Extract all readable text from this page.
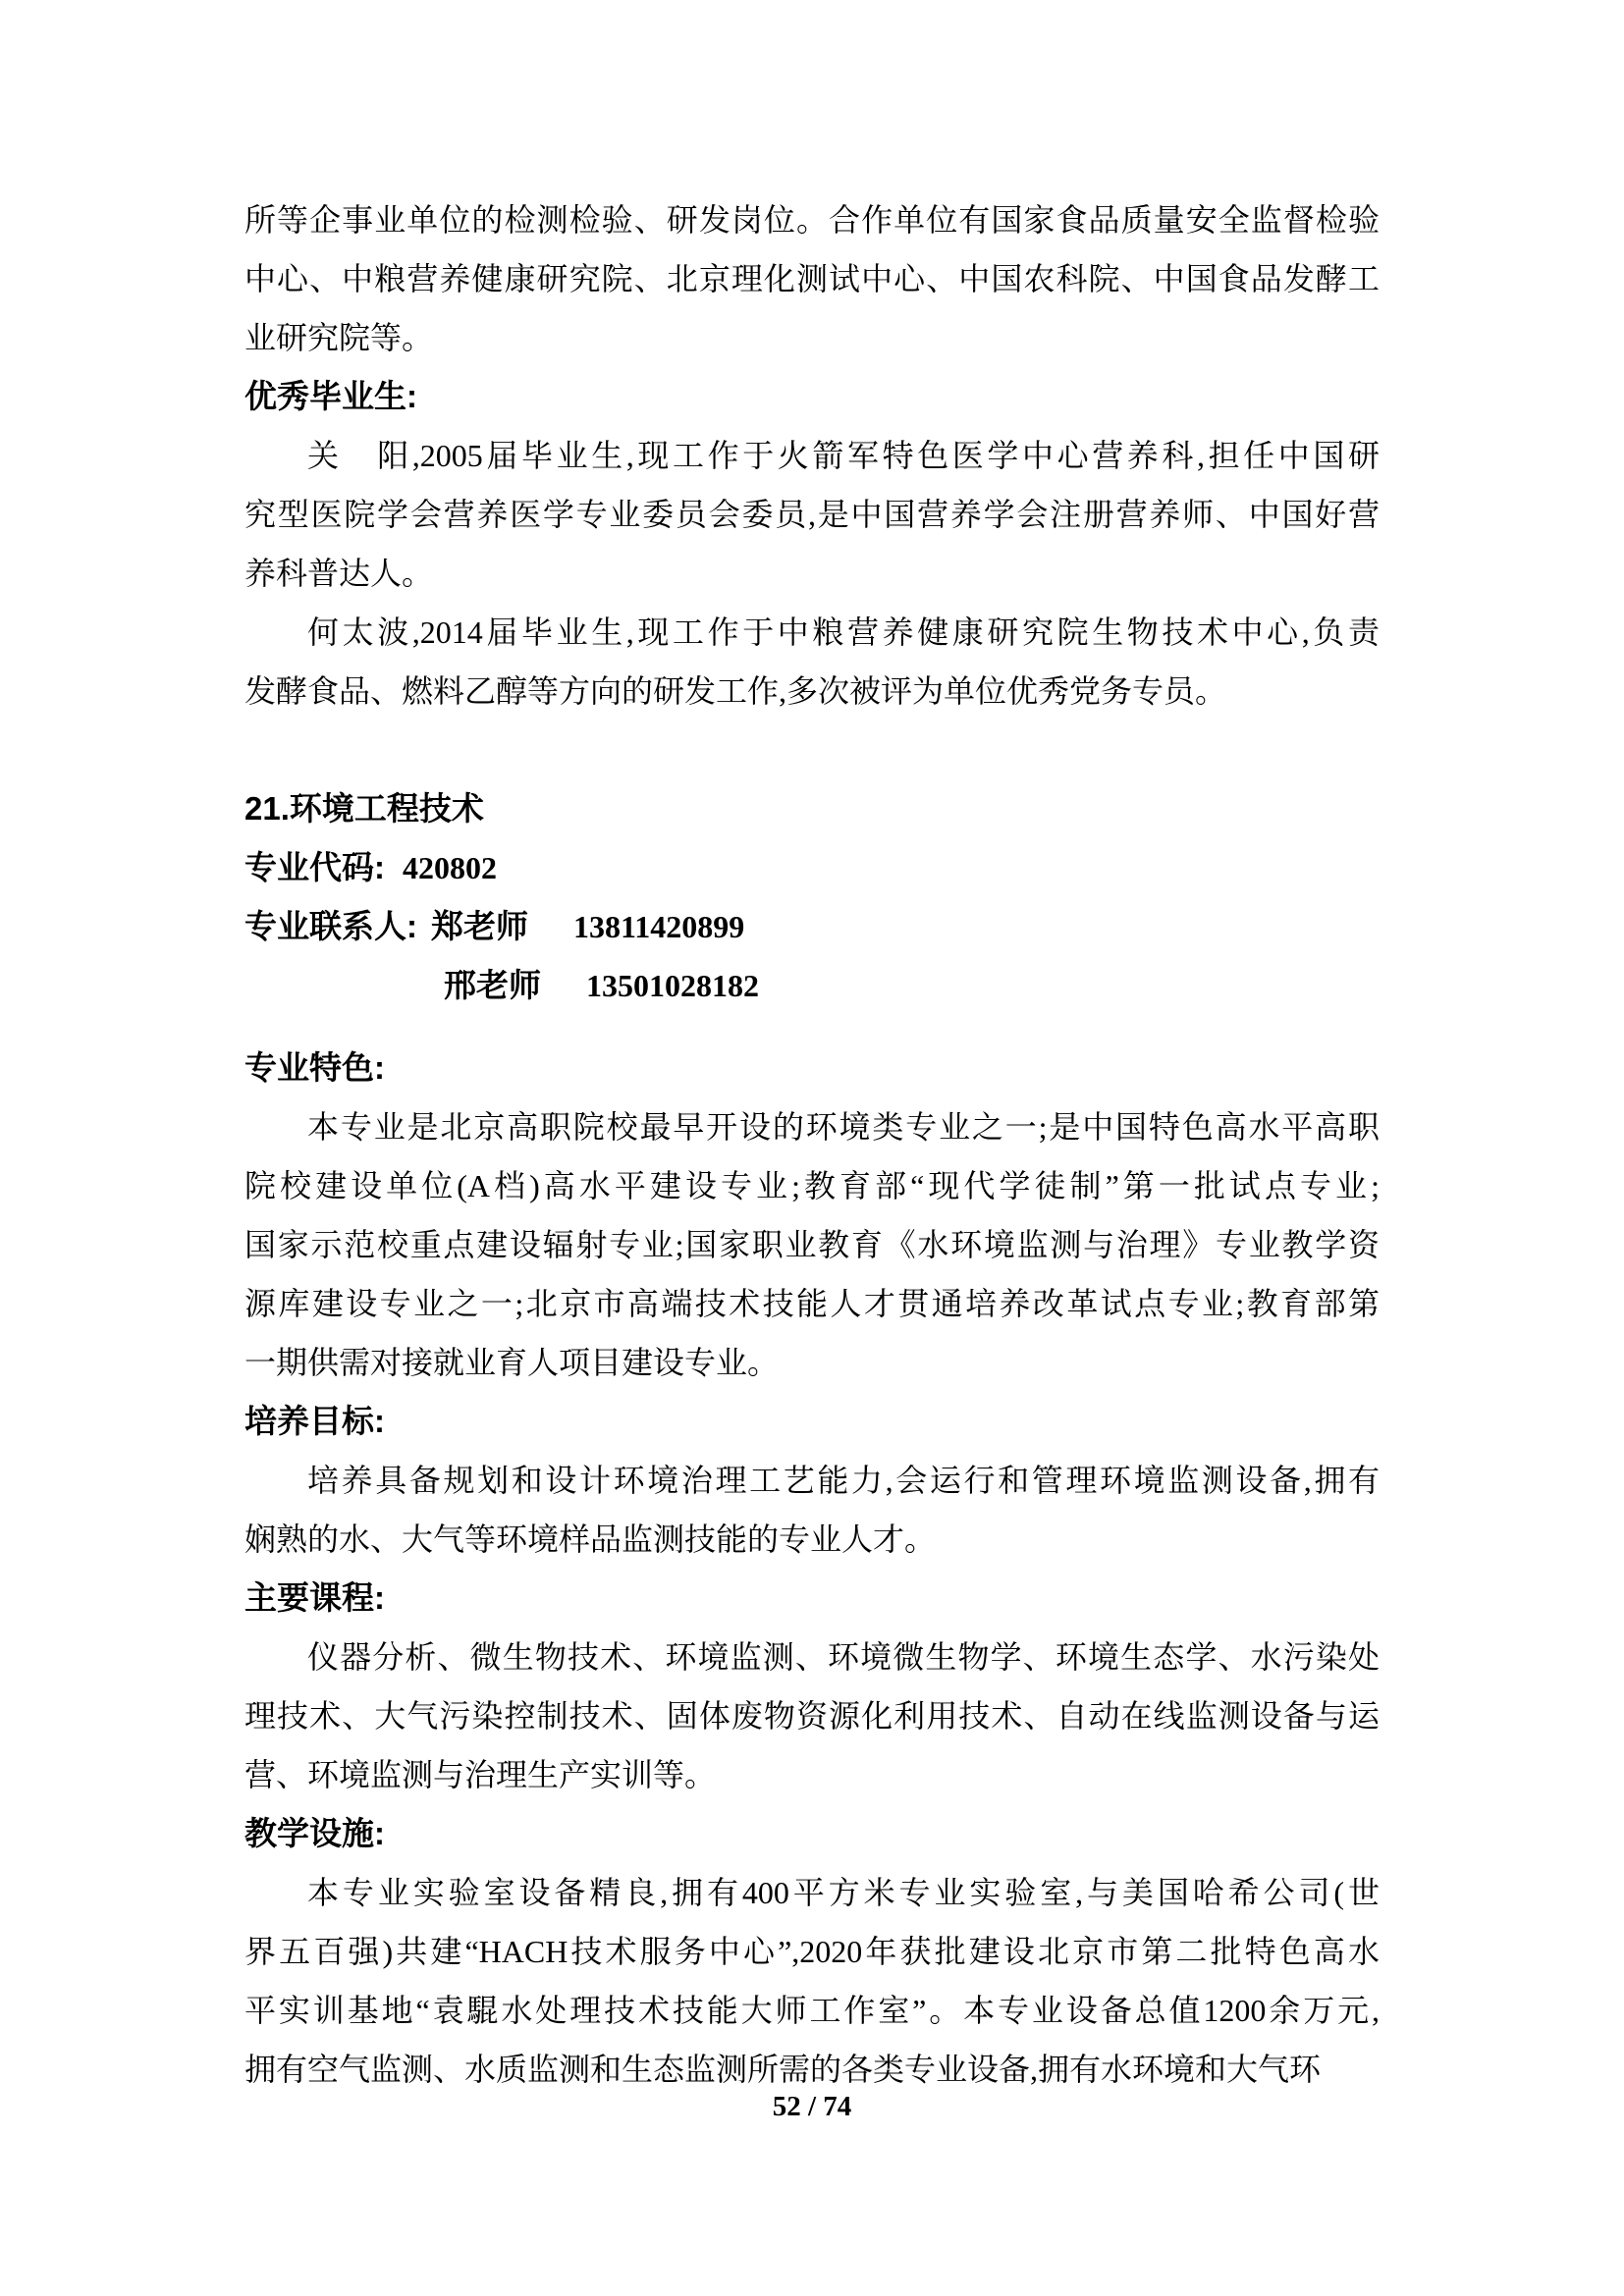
所等企事业单位的检测检验、研发岗位。合作单位有国家食品质量安全监督检验
中心、中粮营养健康研究院、北京理化测试中心、中国农科院、中国食品发酵工
业研究院等。
优秀毕业生:
关　阳,2005届毕业生,现工作于火箭军特色医学中心营养科,担任中国研
究型医院学会营养医学专业委员会委员,是中国营养学会注册营养师、中国好营
养科普达人。
何太波,2014届毕业生,现工作于中粮营养健康研究院生物技术中心,负责
发酵食品、燃料乙醇等方向的研发工作,多次被评为单位优秀党务专员。
21.环境工程技术
专业代码: 420802
专业联系人: 郑老师 13811420899
邢老师 13501028182
专业特色:
本专业是北京高职院校最早开设的环境类专业之一;是中国特色高水平高职
院校建设单位(A档)高水平建设专业;教育部“现代学徒制”第一批试点专业;
国家示范校重点建设辐射专业;国家职业教育《水环境监测与治理》专业教学资
源库建设专业之一;北京市高端技术技能人才贯通培养改革试点专业;教育部第
一期供需对接就业育人项目建设专业。
培养目标:
培养具备规划和设计环境治理工艺能力,会运行和管理环境监测设备,拥有
娴熟的水、大气等环境样品监测技能的专业人才。
主要课程:
仪器分析、微生物技术、环境监测、环境微生物学、环境生态学、水污染处
理技术、大气污染控制技术、固体废物资源化利用技术、自动在线监测设备与运
营、环境监测与治理生产实训等。
教学设施:
本专业实验室设备精良,拥有400平方米专业实验室,与美国哈希公司(世
界五百强)共建“HACH技术服务中心”,2020年获批建设北京市第二批特色高水
平实训基地“袁騉水处理技术技能大师工作室”。本专业设备总值1200余万元,
拥有空气监测、水质监测和生态监测所需的各类专业设备,拥有水环境和大气环
52 / 74
